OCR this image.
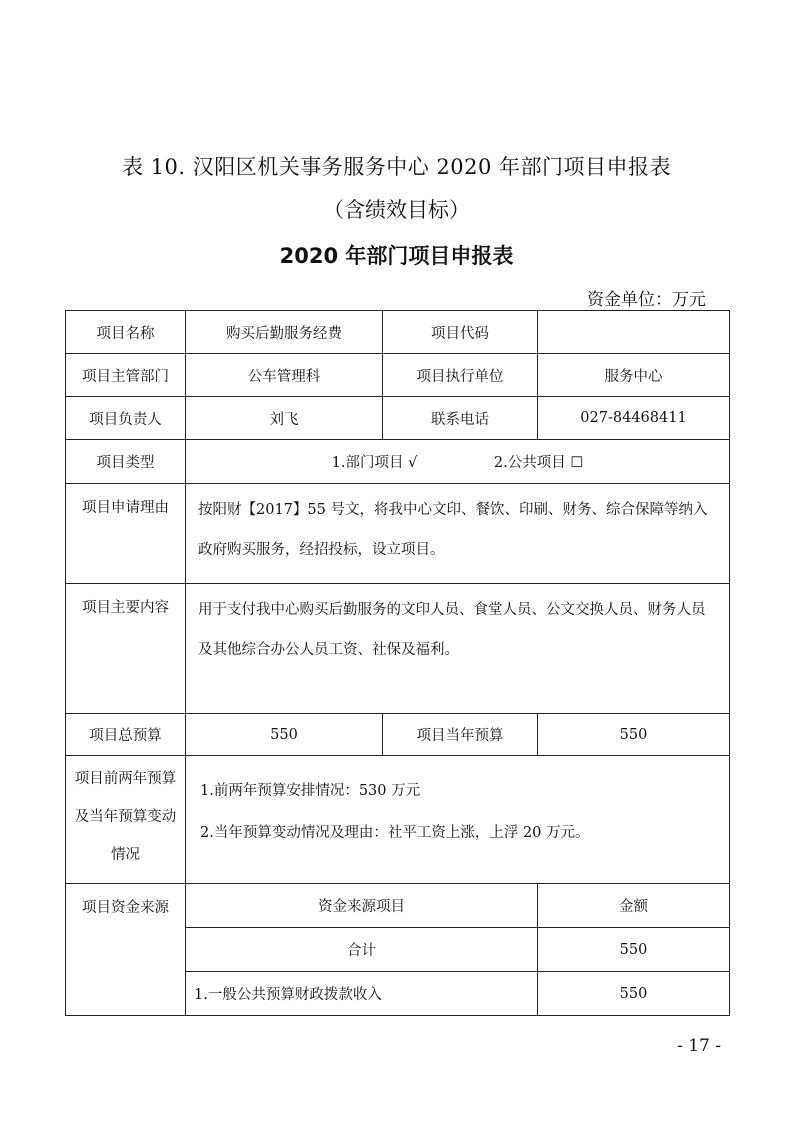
表 10. 汉阳区机关事务服务中心 2020 年部门项目申报表
（含绩效目标）
2020 年部门项目申报表
资金单位：万元
项目名称	购买后勤服务经费	项目代码	
项目主管部门	公车管理科	项目执行单位	服务中心
项目负责人	刘飞	联系电话	027-84468411
项目类型	1.部门项目 √ 2.公共项目 ☐		
项目申请理由	按阳财【2017】55 号文，将我中心文印、餐饮、印刷、财务、综合保障等纳入政府购买服务，经招投标，设立项目。		
项目主要内容	用于支付我中心购买后勤服务的文印人员、食堂人员、公文交换人员、财务人员及其他综合办公人员工资、社保及福利。		
项目总预算	550	项目当年预算	550
项目前两年预算及当年预算变动情况	1.前两年预算安排情况：530 万元
2.当年预算变动情况及理由：社平工资上涨，上浮 20 万元。		

项目资金来源	资金来源项目		金额
	合计		550
	1.一般公共预算财政拨款收入		550
- 17 -
